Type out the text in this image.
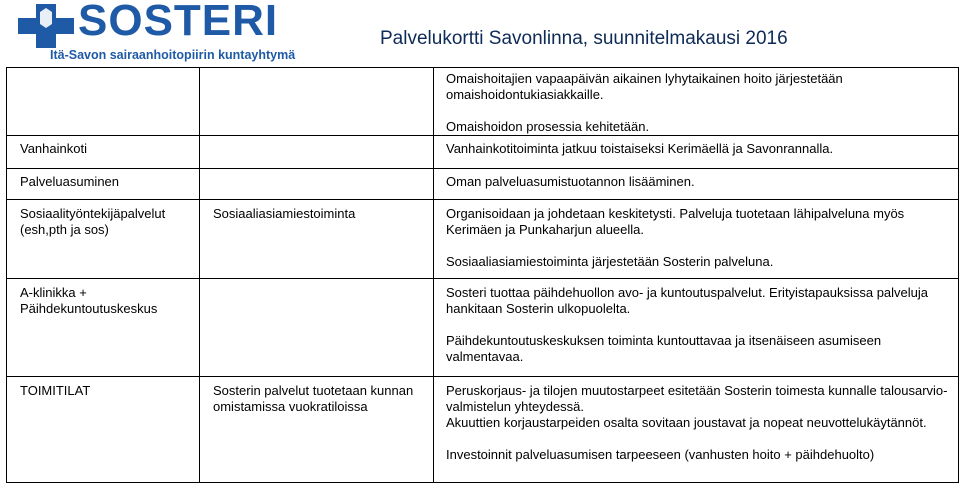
SOSTERI
Itä-Savon sairaanhoitopiirin kuntayhtymä
Palvelukortti Savonlinna, suunnitelmakausi 2016

		Omaishoitajien vapaapäivän aikainen lyhytaikainen hoito järjestetään omaishoidontukiasiakkaille.
Omaishoidon prosessia kehitetään.

Vanhainkoti		Vanhainkotitoiminta jatkuu toistaiseksi Kerimäellä ja Savonrannalla.

Palveluasuminen		Oman palveluasumistuotannon lisääminen.

Sosiaalityöntekijäpalvelut (esh,pth ja sos)	Sosiaaliasiamiestoiminta	Organisoidaan ja johdetaan keskitetysti. Palveluja tuotetaan lähipalveluna myös Kerimäen ja Punkaharjun alueella.
Sosiaaliasiamiestoiminta järjestetään Sosterin palveluna.

A-klinikka + Päihdekuntoutuskeskus		Sosteri tuottaa päihdehuollon avo- ja kuntoutuspalvelut. Erityistapauksissa palveluja hankitaan Sosterin ulkopuolelta.
Päihdekuntoutuskeskuksen toiminta kuntouttavaa ja itsenäiseen asumiseen valmentavaa.

TOIMITILAT	Sosterin palvelut tuotetaan kunnan omistamissa vuokratiloissa	Peruskorjaus- ja tilojen muutostarpeet esitetään Sosterin toimesta kunnalle talousarvio-valmistelun yhteydessä.
Akuuttien korjaustarpeiden osalta sovitaan joustavat ja nopeat neuvottelukäytännöt.
Investoinnit palveluasumisen tarpeeseen (vanhusten hoito + päihdehuolto)
